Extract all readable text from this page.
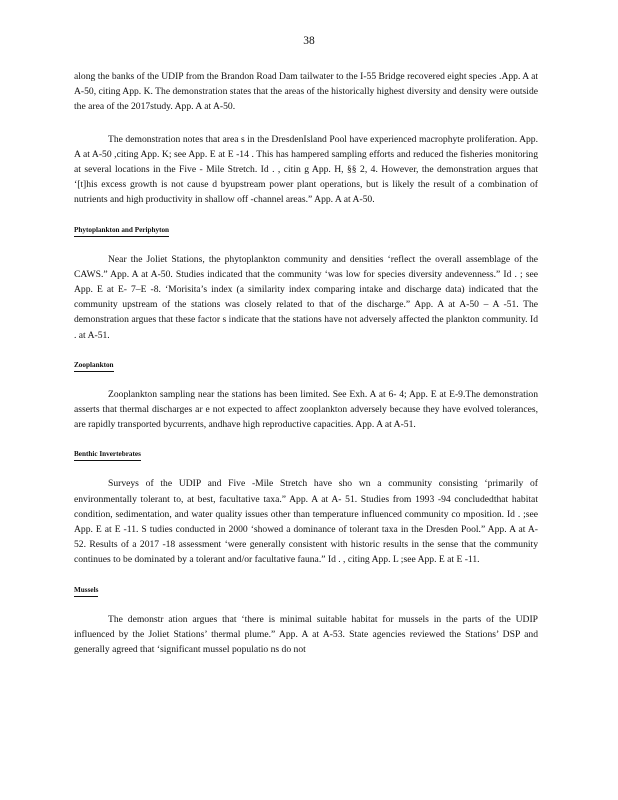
38

along the banks of the UDIP from the Brandon Road Dam tailwater to the I-55 Bridge recovered eight species .App. A at A-50, citing App. K. The demonstration states that the areas of the historically highest diversity and density were outside the area of the 2017study. App. A at A-50.

The demonstration notes that area s in the DresdenIsland Pool have experienced macrophyte proliferation. App. A at A-50 ,citing App. K; see App. E at E -14 . This has hampered sampling efforts and reduced the fisheries monitoring at several locations in the Five - Mile Stretch. Id . , citin g App. H, §§ 2, 4. However, the demonstration argues that ‘[t]his excess growth is not cause d byupstream power plant operations, but is likely the result of a combination of nutrients and high productivity in shallow off -channel areas.” App. A at A-50.

Phytoplankton and Periphyton

Near the Joliet Stations, the phytoplankton community and densities ‘reflect the overall assemblage of the CAWS.” App. A at A-50. Studies indicated that the community ‘was low for species diversity andevenness.” Id . ; see App. E at E- 7–E -8. ‘Morisita’s index (a similarity index comparing intake and discharge data) indicated that the community upstream of the stations was closely related to that of the discharge.” App. A at A-50 – A -51. The demonstration argues that these factor s indicate that the stations have not adversely affected the plankton community. Id . at A-51.

Zooplankton

Zooplankton sampling near the stations has been limited. See Exh. A at 6- 4; App. E at E-9.The demonstration asserts that thermal discharges ar e not expected to affect zooplankton adversely because they have evolved tolerances, are rapidly transported bycurrents, andhave high reproductive capacities. App. A at A-51.

Benthic Invertebrates

Surveys of the UDIP and Five -Mile Stretch have sho wn a community consisting ‘primarily of environmentally tolerant to, at best, facultative taxa.” App. A at A- 51. Studies from 1993 -94 concludedthat habitat condition, sedimentation, and water quality issues other than temperature influenced community co mposition. Id . ;see App. E at E -11. S tudies conducted in 2000 ‘showed a dominance of tolerant taxa in the Dresden Pool.” App. A at A- 52. Results of a 2017 -18 assessment ‘were generally consistent with historic results in the sense that the community continues to be dominated by a tolerant and/or facultative fauna.” Id . , citing App. L ;see App. E at E -11.

Mussels

The demonstr ation argues that ‘there is minimal suitable habitat for mussels in the parts of the UDIP influenced by the Joliet Stations’ thermal plume.” App. A at A-53. State agencies reviewed the Stations’ DSP and generally agreed that ‘significant mussel populatio ns do not
